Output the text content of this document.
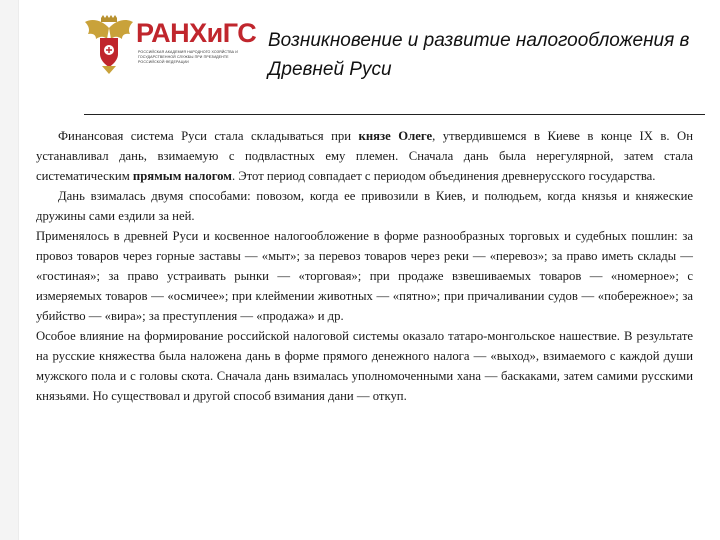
РАНХиГС
РОССИЙСКАЯ АКАДЕМИЯ НАРОДНОГО ХОЗЯЙСТВА И ГОСУДАРСТВЕННОЙ СЛУЖБЫ ПРИ ПРЕЗИДЕНТЕ РОССИЙСКОЙ ФЕДЕРАЦИИ
Возникновение и развитие налогообложения в Древней Руси

Финансовая система Руси стала складываться при князе Олеге, утвердившемся в Киеве в конце IX в. Он устанавливал дань, взимаемую с подвластных ему племен. Сначала дань была нерегулярной, затем стала систематическим прямым налогом. Этот период совпадает с периодом объединения древнерусского государства.

Дань взималась двумя способами: повозом, когда ее привозили в Киев, и полюдьем, когда князья и княжеские дружины сами ездили за ней.

Применялось в древней Руси и косвенное налогообложение в форме разнообразных торговых и судебных пошлин: за провоз товаров через горные заставы — «мыт»; за перевоз товаров через реки — «перевоз»; за право иметь склады — «гостиная»; за право устраивать рынки — «торговая»; при продаже взвешиваемых товаров — «номерное»; с измеряемых товаров — «осмичее»; при клеймении животных — «пятно»; при причаливании судов — «побережное»; за убийство — «вира»; за преступления — «продажа» и др.

Особое влияние на формирование российской налоговой системы оказало татаро-монгольское нашествие. В результате на русские княжества была наложена дань в форме прямого денежного налога — «выход», взимаемого с каждой души мужского пола и с головы скота. Сначала дань взималась уполномоченными хана — баскаками, затем самими русскими князьями. Но существовал и другой способ взимания дани — откуп.
